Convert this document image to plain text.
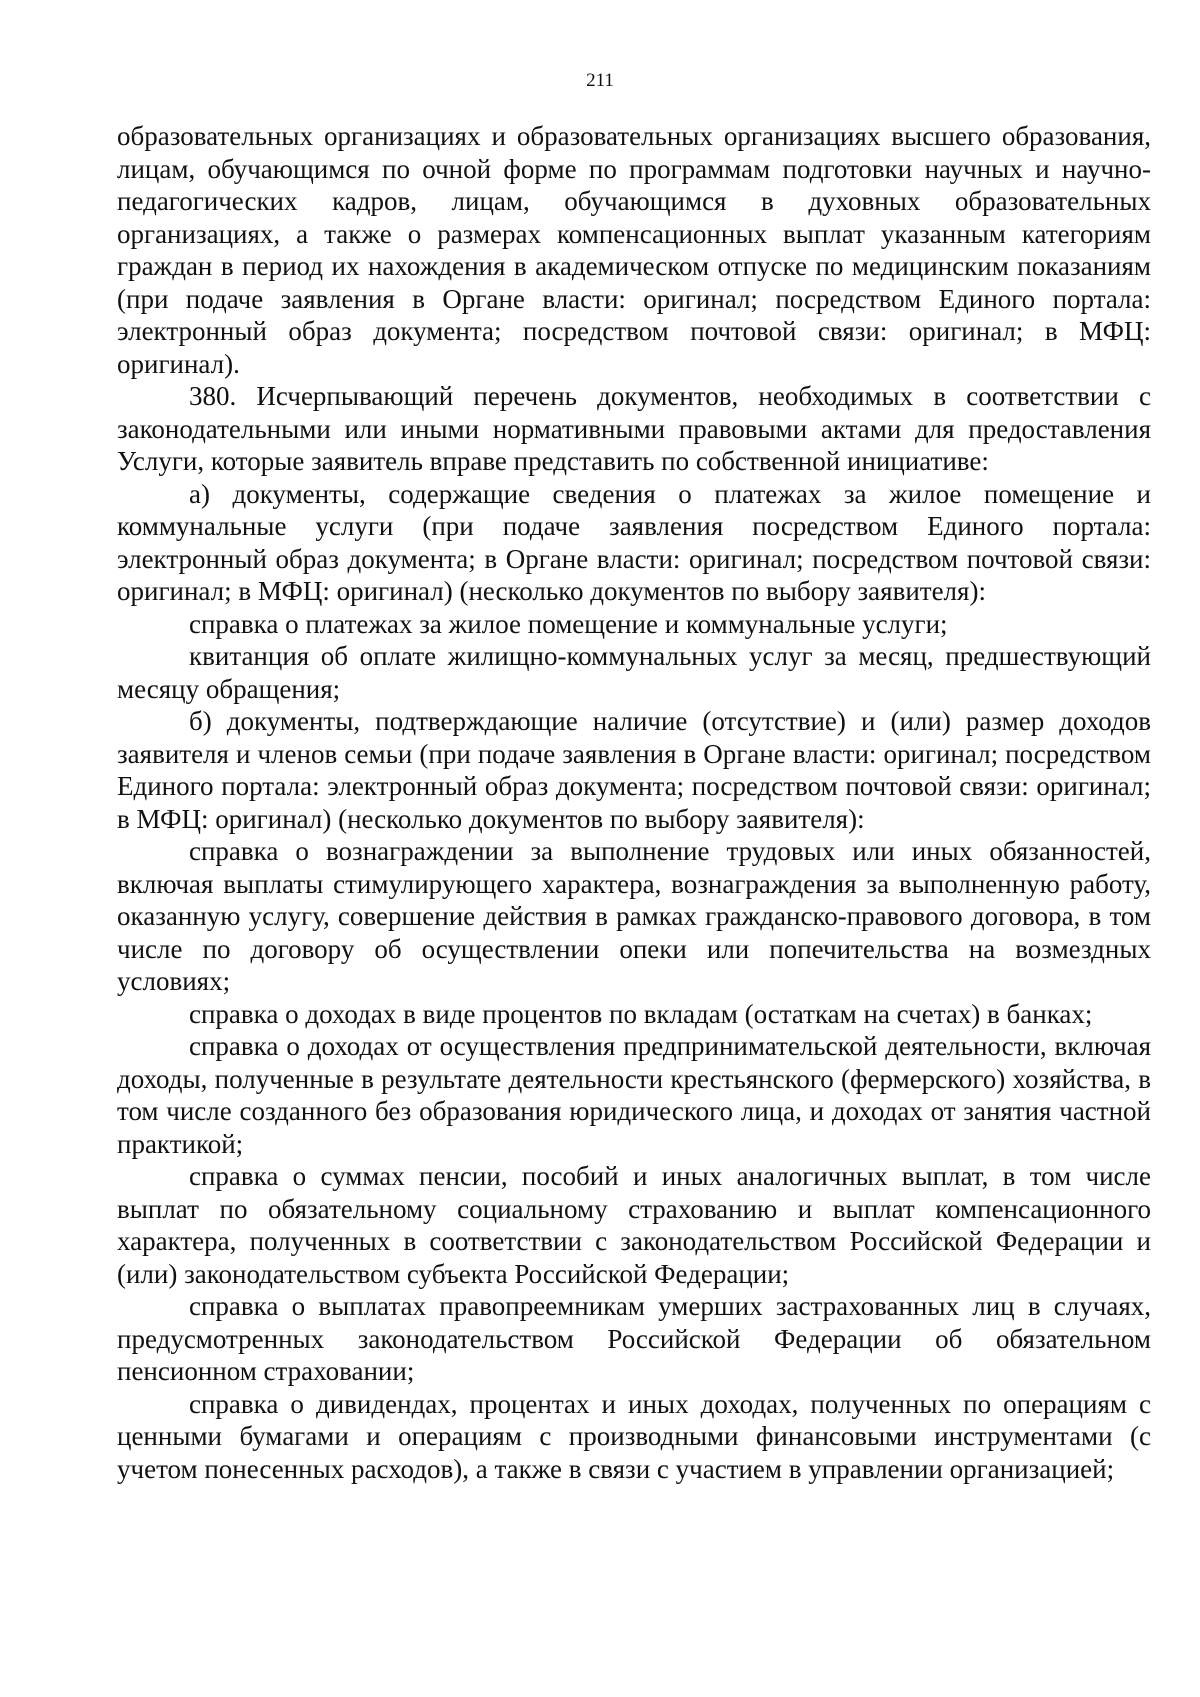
211

образовательных организациях и образовательных организациях высшего образования, лицам, обучающимся по очной форме по программам подготовки научных и научно-педагогических кадров, лицам, обучающимся в духовных образовательных организациях, а также о размерах компенсационных выплат указанным категориям граждан в период их нахождения в академическом отпуске по медицинским показаниям (при подаче заявления в Органе власти: оригинал; посредством Единого портала: электронный образ документа; посредством почтовой связи: оригинал; в МФЦ: оригинал).

380. Исчерпывающий перечень документов, необходимых в соответствии с законодательными или иными нормативными правовыми актами для предоставления Услуги, которые заявитель вправе представить по собственной инициативе:

а) документы, содержащие сведения о платежах за жилое помещение и коммунальные услуги (при подаче заявления посредством Единого портала: электронный образ документа; в Органе власти: оригинал; посредством почтовой связи: оригинал; в МФЦ: оригинал) (несколько документов по выбору заявителя):

справка о платежах за жилое помещение и коммунальные услуги;

квитанция об оплате жилищно-коммунальных услуг за месяц, предшествующий месяцу обращения;

б) документы, подтверждающие наличие (отсутствие) и (или) размер доходов заявителя и членов семьи (при подаче заявления в Органе власти: оригинал; посредством Единого портала: электронный образ документа; посредством почтовой связи: оригинал; в МФЦ: оригинал) (несколько документов по выбору заявителя):

справка о вознаграждении за выполнение трудовых или иных обязанностей, включая выплаты стимулирующего характера, вознаграждения за выполненную работу, оказанную услугу, совершение действия в рамках гражданско-правового договора, в том числе по договору об осуществлении опеки или попечительства на возмездных условиях;

справка о доходах в виде процентов по вкладам (остаткам на счетах) в банках;

справка о доходах от осуществления предпринимательской деятельности, включая доходы, полученные в результате деятельности крестьянского (фермерского) хозяйства, в том числе созданного без образования юридического лица, и доходах от занятия частной практикой;

справка о суммах пенсии, пособий и иных аналогичных выплат, в том числе выплат по обязательному социальному страхованию и выплат компенсационного характера, полученных в соответствии с законодательством Российской Федерации и (или) законодательством субъекта Российской Федерации;

справка о выплатах правопреемникам умерших застрахованных лиц в случаях, предусмотренных законодательством Российской Федерации об обязательном пенсионном страховании;

справка о дивидендах, процентах и иных доходах, полученных по операциям с ценными бумагами и операциям с производными финансовыми инструментами (с учетом понесенных расходов), а также в связи с участием в управлении организацией;
